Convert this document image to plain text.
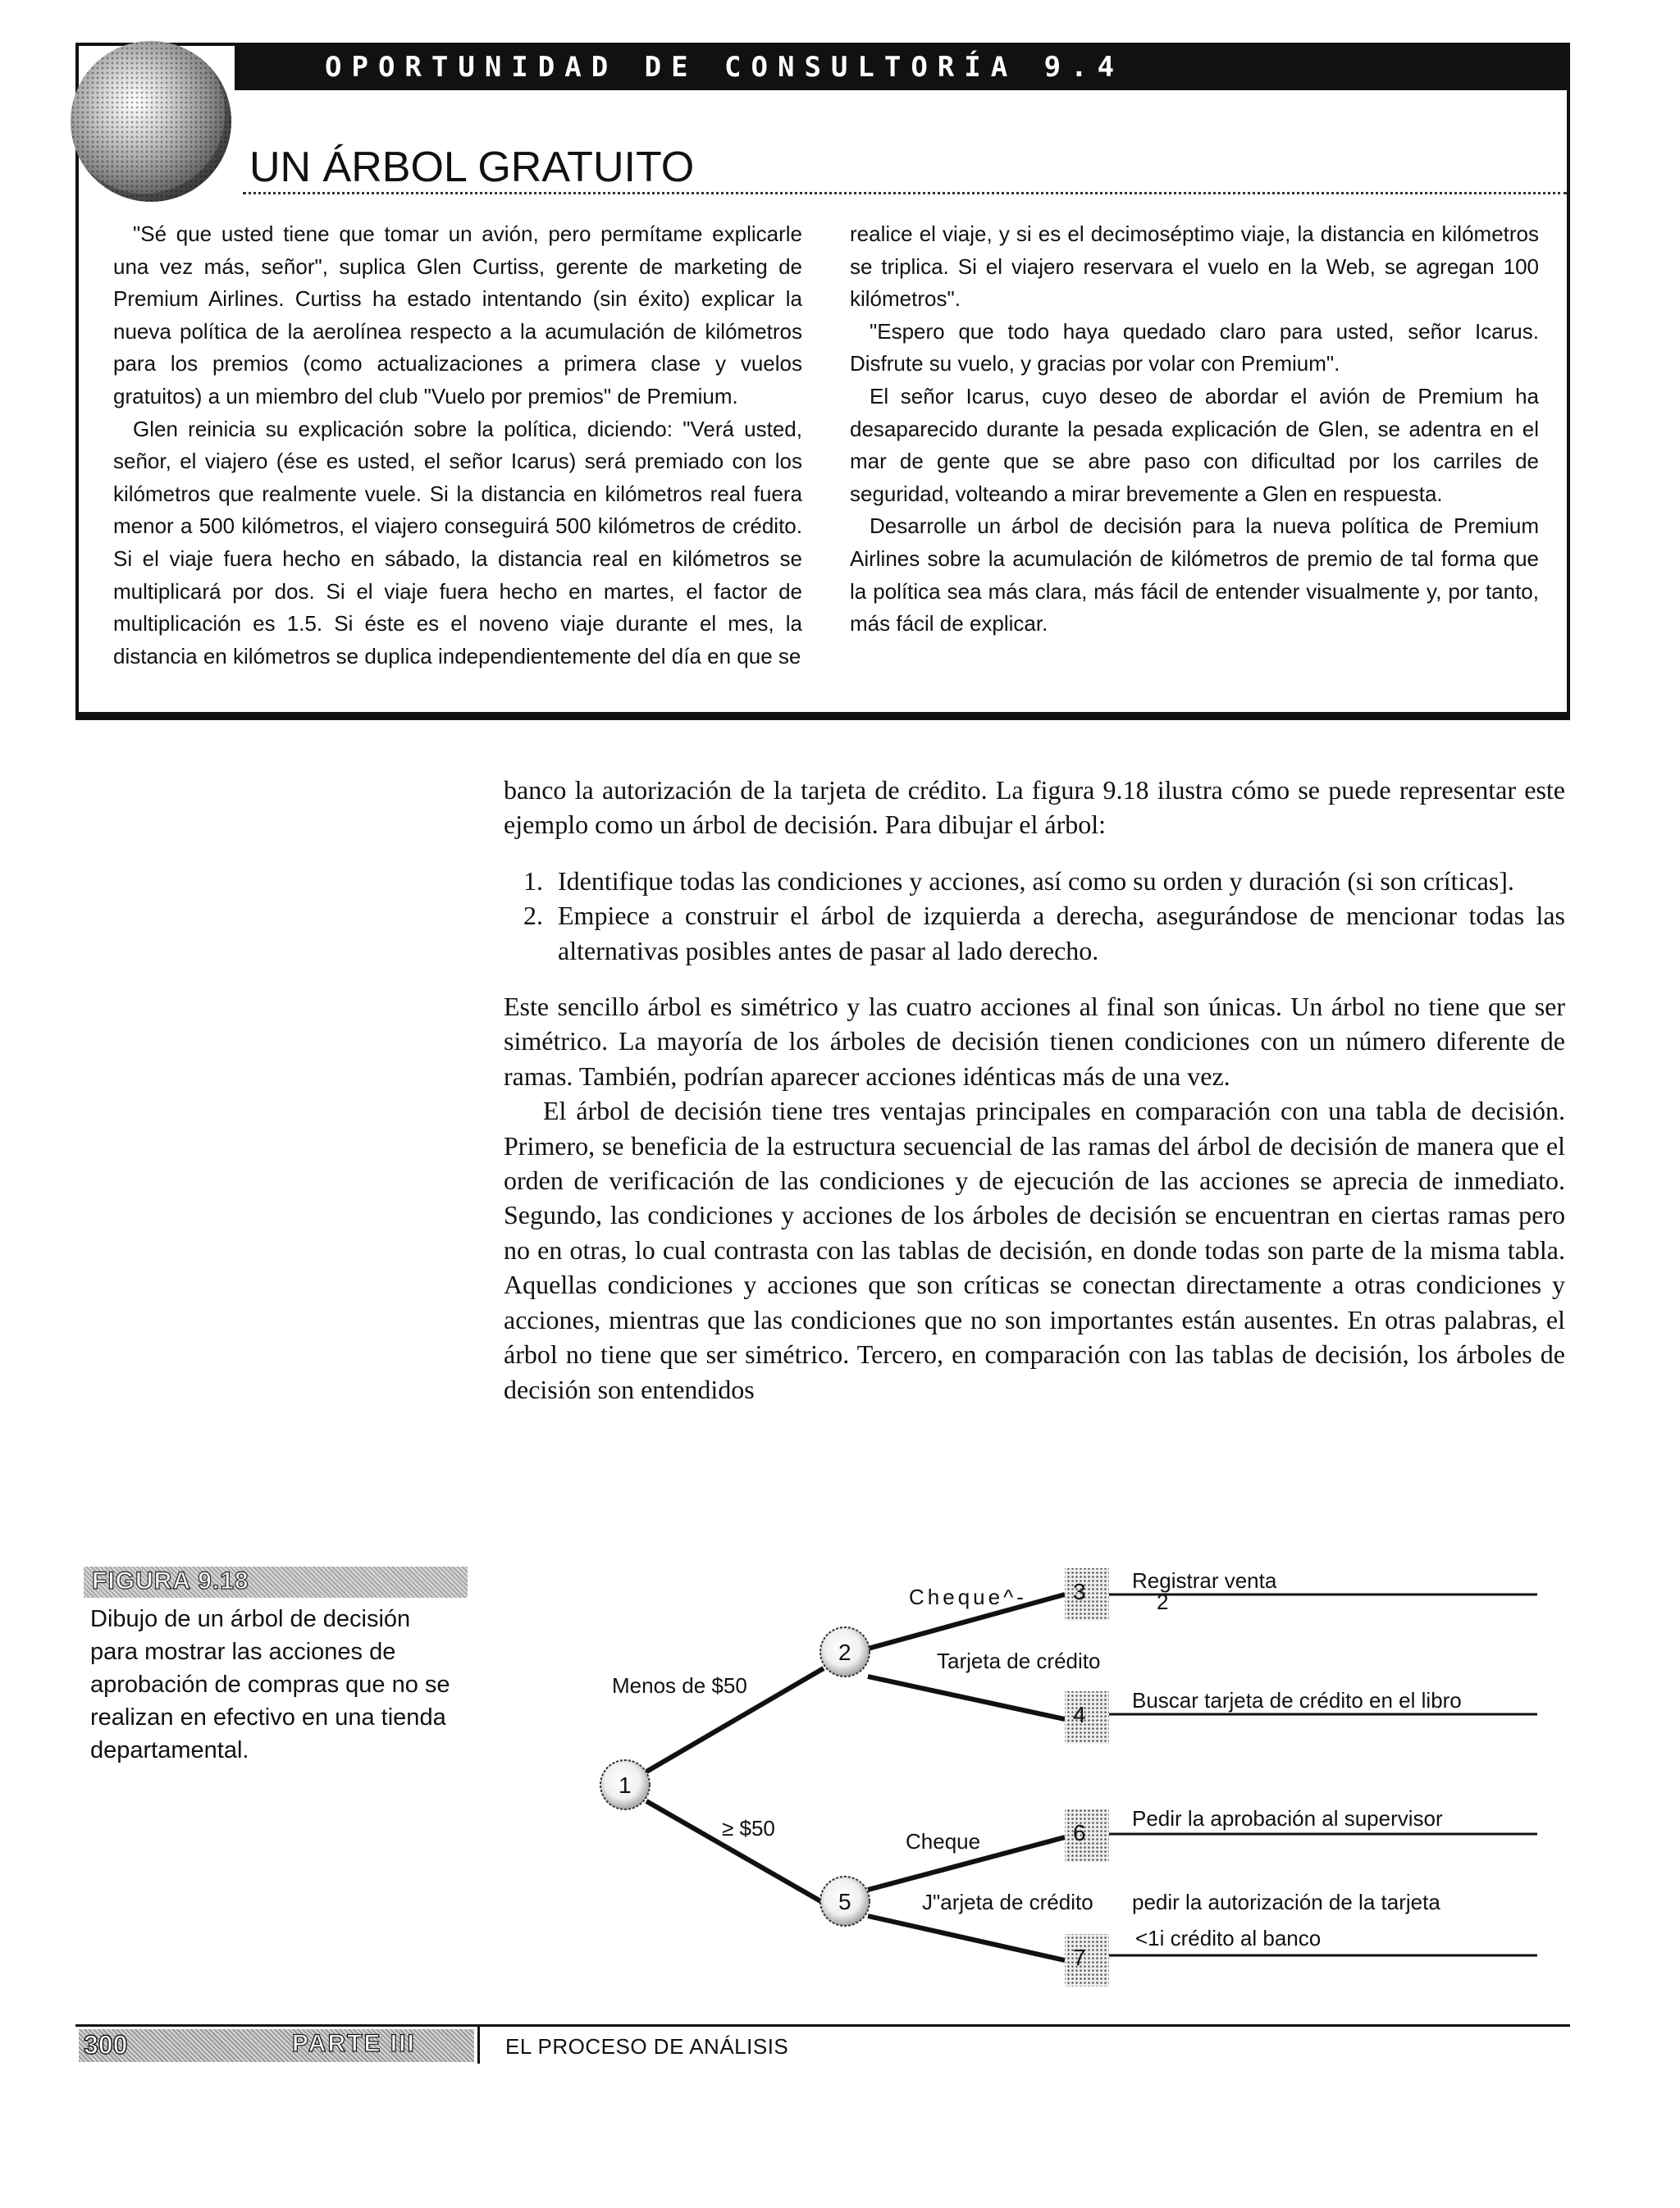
OPORTUNIDAD DE CONSULTORÍA 9.4
UN ÁRBOL GRATUITO

"Sé que usted tiene que tomar un avión, pero permítame explicarle una vez más, señor", suplica Glen Curtiss, gerente de marketing de Premium Airlines. Curtiss ha estado intentando (sin éxito) explicar la nueva política de la aerolínea respecto a la acumulación de kilómetros para los premios (como actualizaciones a primera clase y vuelos gratuitos) a un miembro del club "Vuelo por premios" de Premium.

Glen reinicia su explicación sobre la política, diciendo: "Verá usted, señor, el viajero (ése es usted, el señor Icarus) será premiado con los kilómetros que realmente vuele. Si la distancia en kilómetros real fuera menor a 500 kilómetros, el viajero conseguirá 500 kilómetros de crédito. Si el viaje fuera hecho en sábado, la distancia real en kilómetros se multiplicará por dos. Si el viaje fuera hecho en martes, el factor de multiplicación es 1.5. Si éste es el noveno viaje durante el mes, la distancia en kilómetros se duplica independientemente del día en que se

realice el viaje, y si es el decimoséptimo viaje, la distancia en kilómetros se triplica. Si el viajero reservara el vuelo en la Web, se agregan 100 kilómetros".

"Espero que todo haya quedado claro para usted, señor Icarus. Disfrute su vuelo, y gracias por volar con Premium".

El señor Icarus, cuyo deseo de abordar el avión de Premium ha desaparecido durante la pesada explicación de Glen, se adentra en el mar de gente que se abre paso con dificultad por los carriles de seguridad, volteando a mirar brevemente a Glen en respuesta.

Desarrolle un árbol de decisión para la nueva política de Premium Airlines sobre la acumulación de kilómetros de premio de tal forma que la política sea más clara, más fácil de entender visualmente y, por tanto, más fácil de explicar.

banco la autorización de la tarjeta de crédito. La figura 9.18 ilustra cómo se puede representar este ejemplo como un árbol de decisión. Para dibujar el árbol:

1. Identifique todas las condiciones y acciones, así como su orden y duración (si son críticas].
2. Empiece a construir el árbol de izquierda a derecha, asegurándose de mencionar todas las alternativas posibles antes de pasar al lado derecho.

Este sencillo árbol es simétrico y las cuatro acciones al final son únicas. Un árbol no tiene que ser simétrico. La mayoría de los árboles de decisión tienen condiciones con un número diferente de ramas. También, podrían aparecer acciones idénticas más de una vez.

El árbol de decisión tiene tres ventajas principales en comparación con una tabla de decisión. Primero, se beneficia de la estructura secuencial de las ramas del árbol de decisión de manera que el orden de verificación de las condiciones y de ejecución de las acciones se aprecia de inmediato. Segundo, las condiciones y acciones de los árboles de decisión se encuentran en ciertas ramas pero no en otras, lo cual contrasta con las tablas de decisión, en donde todas son parte de la misma tabla. Aquellas condiciones y acciones que son críticas se conectan directamente a otras condiciones y acciones, mientras que las condiciones que no son importantes están ausentes. En otras palabras, el árbol no tiene que ser simétrico. Tercero, en comparación con las tablas de decisión, los árboles de decisión son entendidos

FIGURA 9.18
Dibujo de un árbol de decisión para mostrar las acciones de aprobación de compras que no se realizan en efectivo en una tienda departamental.
1
2
5
3
4
6
7
Menos de $50
≥ $50
Cheque^-
Tarjeta de crédito
Cheque
J"arjeta de crédito
Registrar venta
2
Buscar tarjeta de crédito en el libro
Pedir la aprobación al supervisor
pedir la autorización de la tarjeta
<1i crédito al banco
300	PARTE III	EL PROCESO DE ANÁLISIS
